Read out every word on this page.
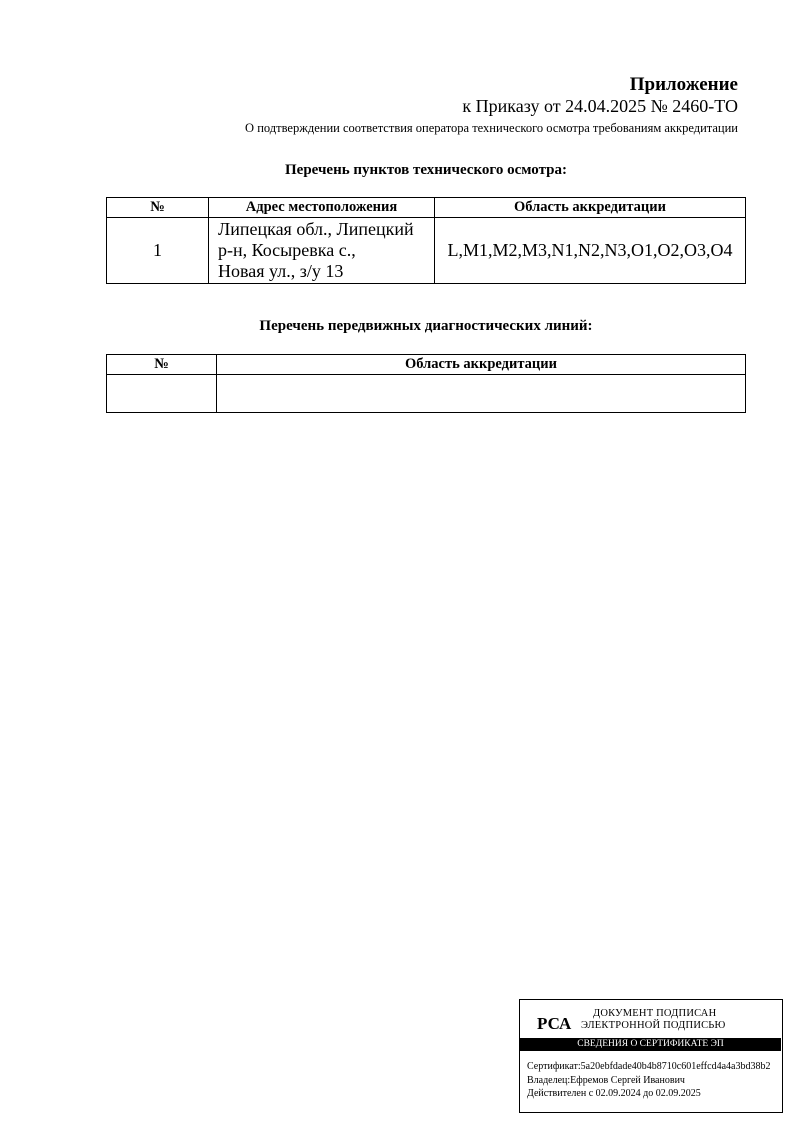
Приложение
к Приказу от 24.04.2025 № 2460-ТО
О подтверждении соответствия оператора технического осмотра требованиям аккредитации
Перечень пунктов технического осмотра:
№	Адрес местоположения	Область аккредитации
1	Липецкая обл., Липецкий
р-н, Косыревка с.,
Новая ул., з/у 13	L,M1,M2,M3,N1,N2,N3,O1,O2,O3,O4
Перечень передвижных диагностических линий:
№	Область аккредитации

РСА
ДОКУМЕНТ ПОДПИСАН
ЭЛЕКТРОННОЙ ПОДПИСЬЮ
СВЕДЕНИЯ О СЕРТИФИКАТЕ ЭП
Сертификат:5a20ebfdade40b4b8710c601effcd4a4a3bd38b2
Владелец:Ефремов Сергей Иванович
Действителен с 02.09.2024 до 02.09.2025
